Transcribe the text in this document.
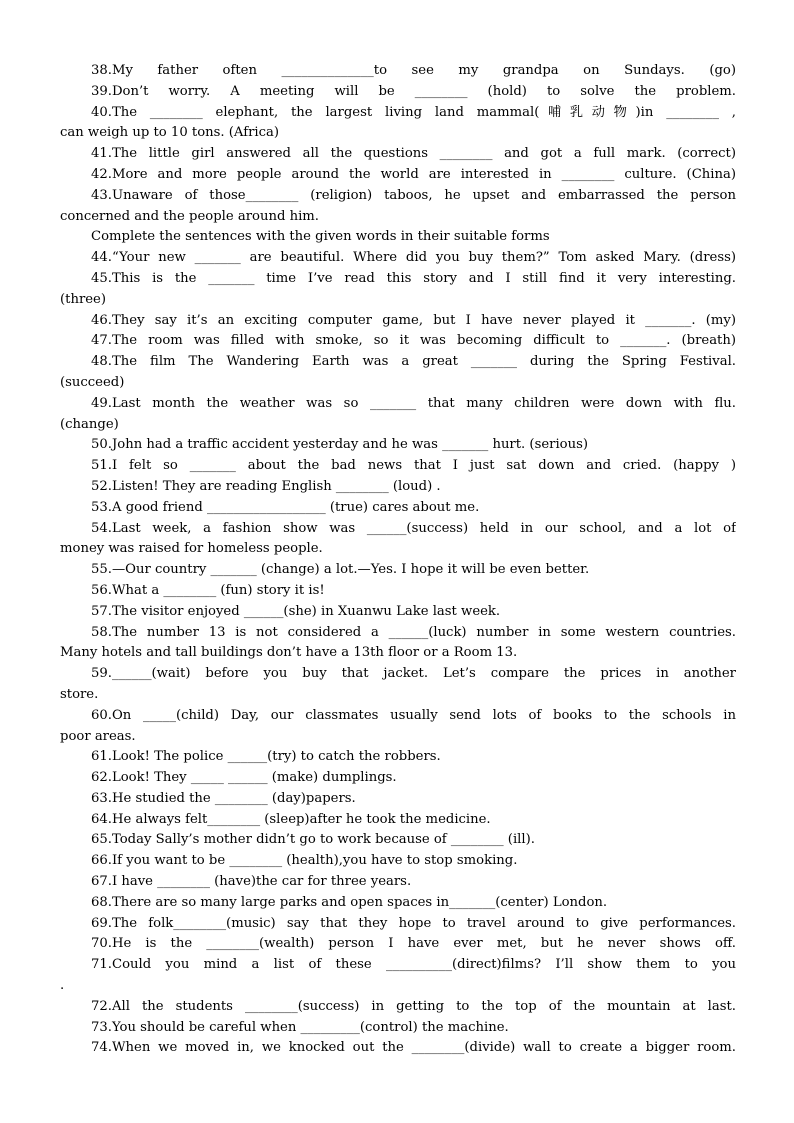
38.My father often ______________to see my grandpa on Sundays. (go)
39.Don’t worry. A meeting will be ________ (hold) to solve the problem.
40.The ________ elephant, the largest living land mammal(哺乳动物)in ________ ,
can weigh up to 10 tons. (Africa)
41.The little girl answered all the questions ________ and got a full mark. (correct)
42.More and more people around the world are interested in ________ culture. (China)
43.Unaware of those________ (religion) taboos, he upset and embarrassed the person
concerned and the people around him.
Complete the sentences with the given words in their suitable forms
44.“Your new _______ are beautiful. Where did you buy them?” Tom asked Mary. (dress)
45.This is the _______ time I’ve read this story and I still find it very interesting.
(three)
46.They say it’s an exciting computer game, but I have never played it _______. (my)
47.The room was filled with smoke, so it was becoming difficult to _______. (breath)
48.The film The Wandering Earth was a great _______ during the Spring Festival.
(succeed)
49.Last month the weather was so _______ that many children were down with flu.
(change)
50.John had a traffic accident yesterday and he was _______ hurt. (serious)
51.I felt so _______ about the bad news that I just sat down and cried. (happy )
52.Listen! They are reading English ________ (loud) .
53.A good friend __________________ (true) cares about me.
54.Last week, a fashion show was ______(success) held in our school, and a lot of
money was raised for homeless people.
55.—Our country _______ (change) a lot.—Yes. I hope it will be even better.
56.What a ________ (fun) story it is!
57.The visitor enjoyed ______(she) in Xuanwu Lake last week.
58.The number 13 is not considered a ______(luck) number in some western countries.
Many hotels and tall buildings don’t have a 13th floor or a Room 13.
59.______(wait) before you buy that jacket. Let’s compare the prices in another
store.
60.On _____(child) Day, our classmates usually send lots of books to the schools in
poor areas.
61.Look! The police ______(try) to catch the robbers.
62.Look! They _____ ______ (make) dumplings.
63.He studied the ________ (day)papers.
64.He always felt________ (sleep)after he took the medicine.
65.Today Sally’s mother didn’t go to work because of ________ (ill).
66.If you want to be ________ (health),you have to stop smoking.
67.I have ________ (have)the car for three years.
68.There are so many large parks and open spaces in_______(center) London.
69.The folk________(music) say that they hope to travel around to give performances.
70.He is the ________(wealth) person I have ever met, but he never shows off.
71.Could you mind a list of these __________(direct)films? I’ll show them to you
.
72.All the students ________(success) in getting to the top of the mountain at last.
73.You should be careful when _________(control) the machine.
74.When we moved in, we knocked out the ________(divide) wall to create a bigger room.
